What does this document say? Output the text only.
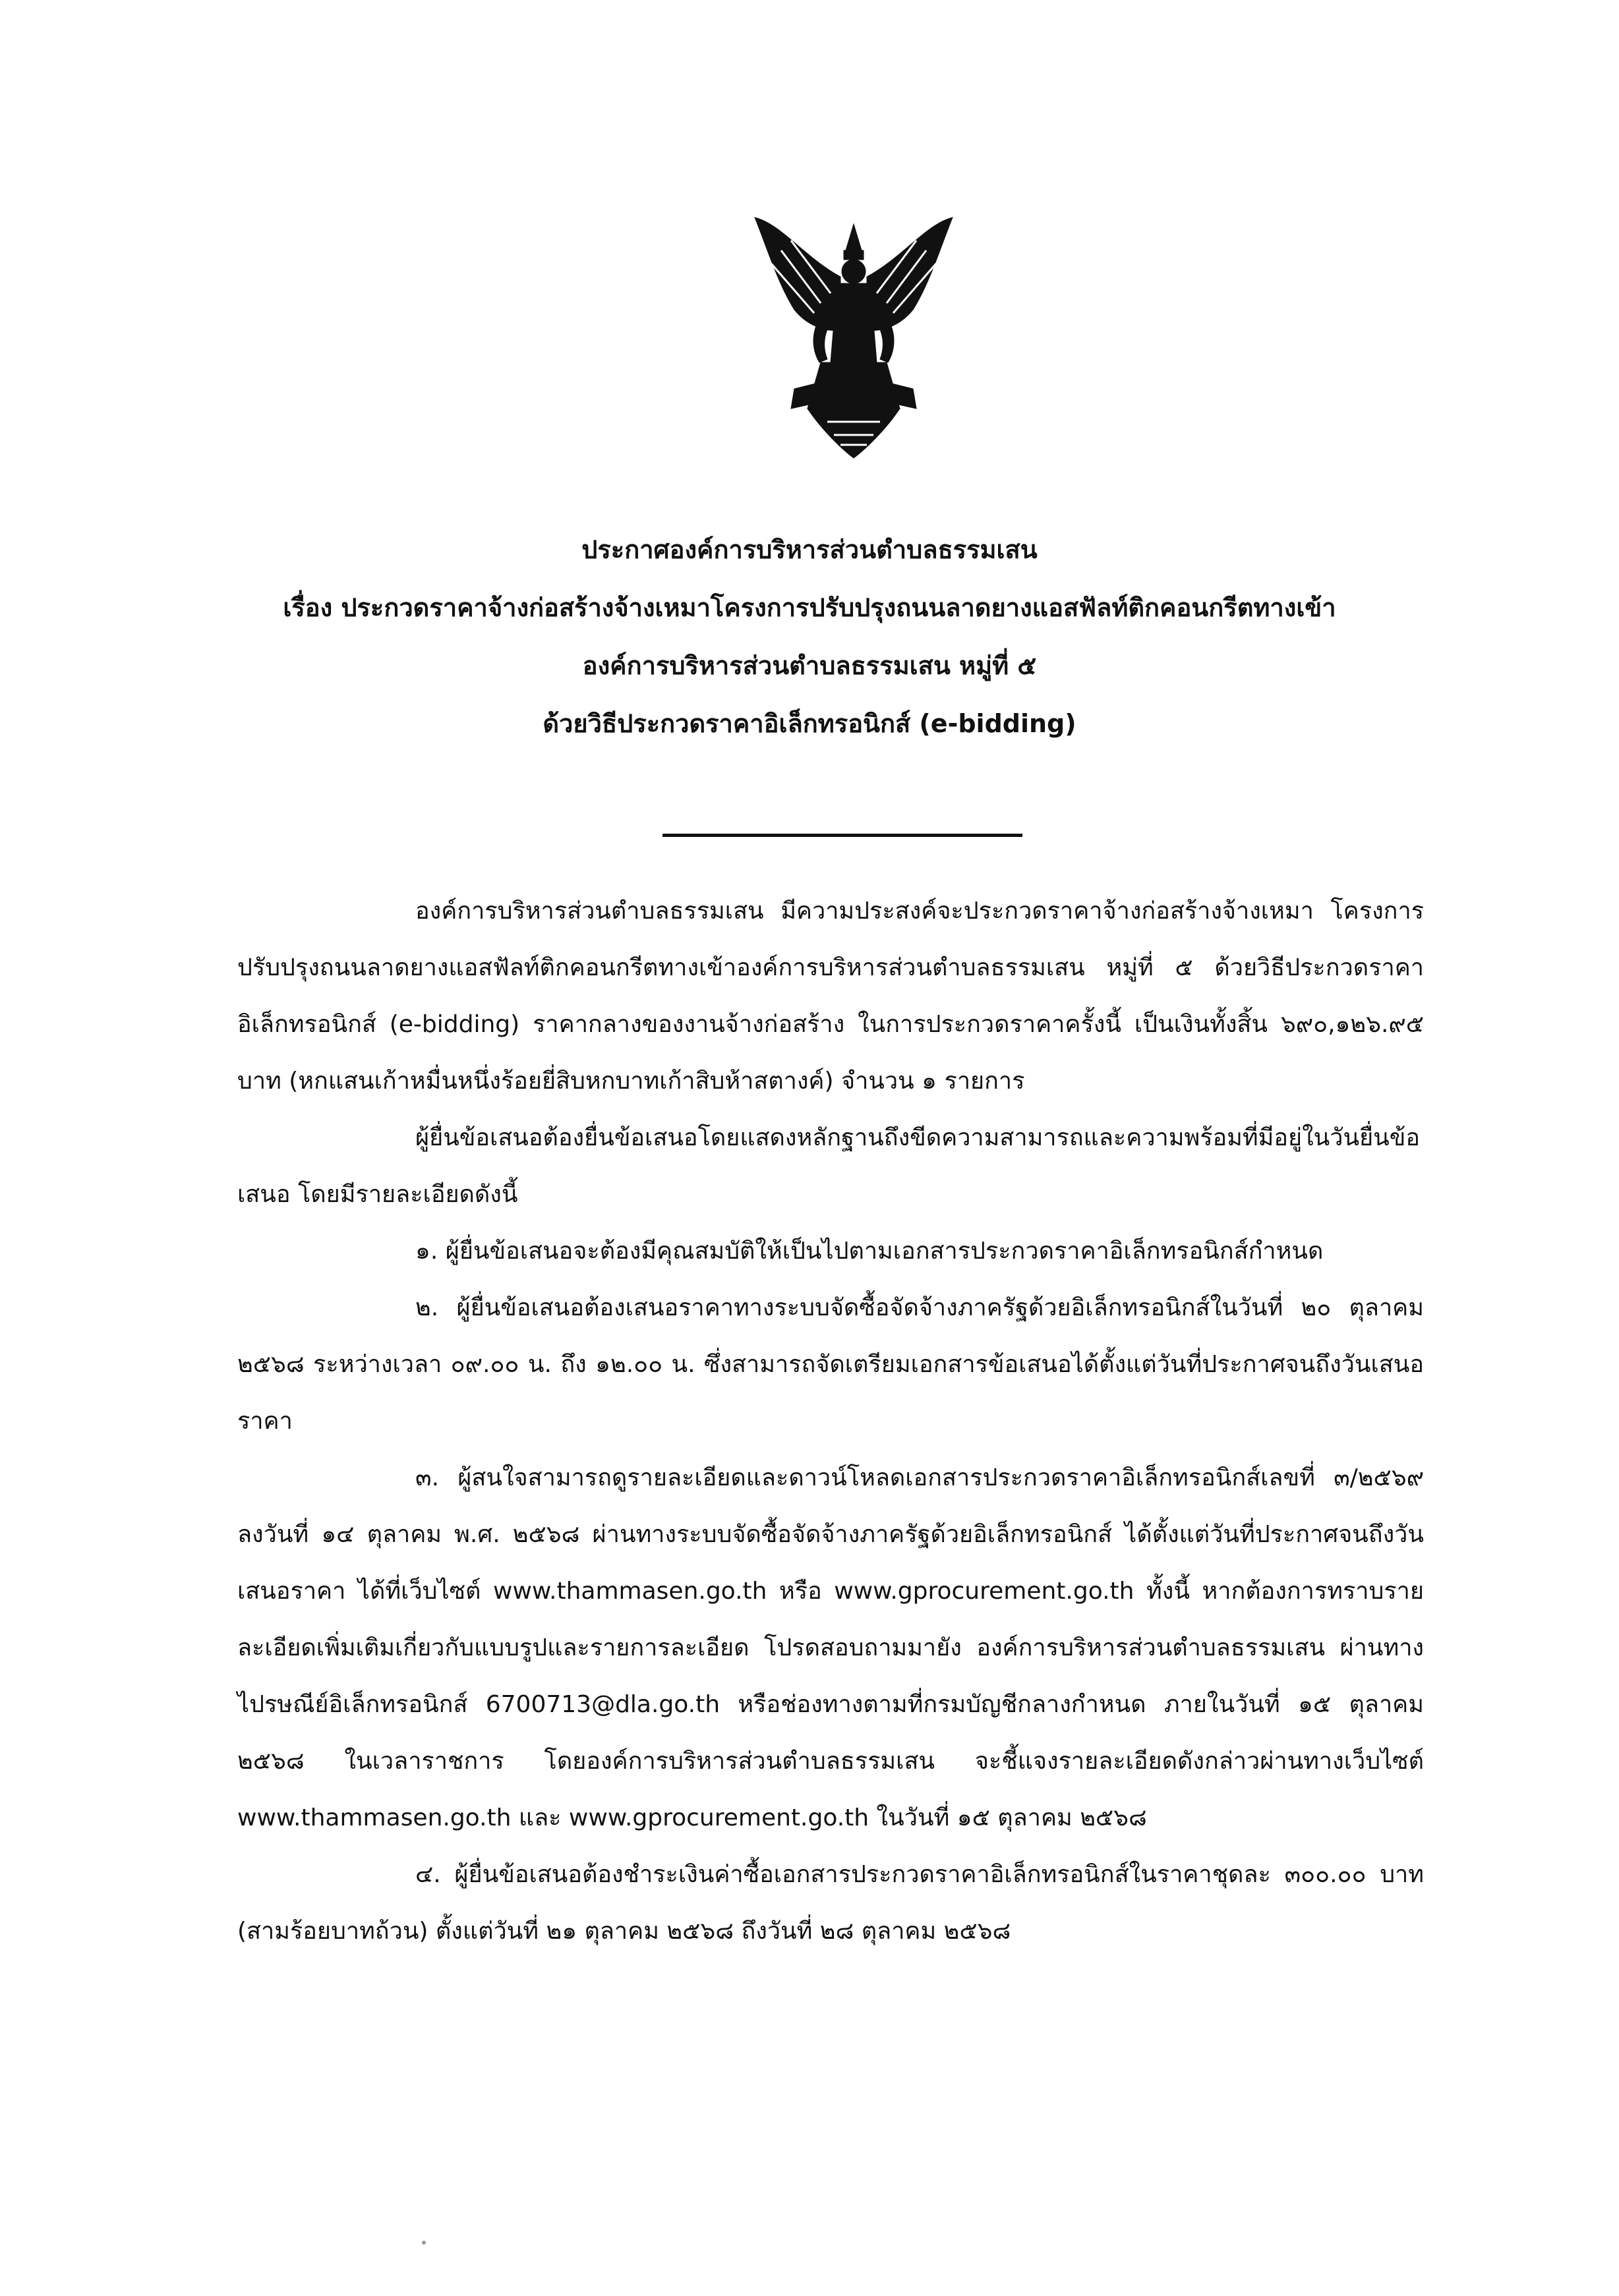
ประกาศองค์การบริหารส่วนตำบลธรรมเสน
เรื่อง ประกวดราคาจ้างก่อสร้างจ้างเหมาโครงการปรับปรุงถนนลาดยางแอสฟัลท์ติกคอนกรีตทางเข้า
องค์การบริหารส่วนตำบลธรรมเสน หมู่ที่ ๕
ด้วยวิธีประกวดราคาอิเล็กทรอนิกส์ (e-bidding)

องค์การบริหารส่วนตำบลธรรมเสน มีความประสงค์จะประกวดราคาจ้างก่อสร้างจ้างเหมา โครงการปรับปรุงถนนลาดยางแอสฟัลท์ติกคอนกรีตทางเข้าองค์การบริหารส่วนตำบลธรรมเสน หมู่ที่ ๕ ด้วยวิธีประกวดราคาอิเล็กทรอนิกส์ (e-bidding) ราคากลางของงานจ้างก่อสร้าง ในการประกวดราคาครั้งนี้ เป็นเงินทั้งสิ้น ๖๙๐,๑๒๖.๙๕ บาท (หกแสนเก้าหมื่นหนึ่งร้อยยี่สิบหกบาทเก้าสิบห้าสตางค์) จำนวน ๑ รายการ

ผู้ยื่นข้อเสนอต้องยื่นข้อเสนอโดยแสดงหลักฐานถึงขีดความสามารถและความพร้อมที่มีอยู่ในวันยื่นข้อเสนอ โดยมีรายละเอียดดังนี้

๑. ผู้ยื่นข้อเสนอจะต้องมีคุณสมบัติให้เป็นไปตามเอกสารประกวดราคาอิเล็กทรอนิกส์กำหนด

๒. ผู้ยื่นข้อเสนอต้องเสนอราคาทางระบบจัดซื้อจัดจ้างภาครัฐด้วยอิเล็กทรอนิกส์ในวันที่ ๒๐ ตุลาคม ๒๕๖๘ ระหว่างเวลา ๐๙.๐๐ น. ถึง ๑๒.๐๐ น. ซึ่งสามารถจัดเตรียมเอกสารข้อเสนอได้ตั้งแต่วันที่ประกาศจนถึงวันเสนอราคา

๓. ผู้สนใจสามารถดูรายละเอียดและดาวน์โหลดเอกสารประกวดราคาอิเล็กทรอนิกส์เลขที่ ๓/๒๕๖๙ ลงวันที่ ๑๔ ตุลาคม พ.ศ. ๒๕๖๘ ผ่านทางระบบจัดซื้อจัดจ้างภาครัฐด้วยอิเล็กทรอนิกส์ ได้ตั้งแต่วันที่ประกาศจนถึงวันเสนอราคา ได้ที่เว็บไซต์ www.thammasen.go.th หรือ www.gprocurement.go.th ทั้งนี้ หากต้องการทราบรายละเอียดเพิ่มเติมเกี่ยวกับแบบรูปและรายการละเอียด โปรดสอบถามมายัง องค์การบริหารส่วนตำบลธรรมเสน ผ่านทางไปรษณีย์อิเล็กทรอนิกส์ 6700713@dla.go.th หรือช่องทางตามที่กรมบัญชีกลางกำหนด ภายในวันที่ ๑๕ ตุลาคม ๒๕๖๘ ในเวลาราชการ โดยองค์การบริหารส่วนตำบลธรรมเสน จะชี้แจงรายละเอียดดังกล่าวผ่านทางเว็บไซต์ www.thammasen.go.th และ www.gprocurement.go.th ในวันที่ ๑๕ ตุลาคม ๒๕๖๘

๔. ผู้ยื่นข้อเสนอต้องชำระเงินค่าซื้อเอกสารประกวดราคาอิเล็กทรอนิกส์ในราคาชุดละ ๓๐๐.๐๐ บาท (สามร้อยบาทถ้วน) ตั้งแต่วันที่ ๒๑ ตุลาคม ๒๕๖๘ ถึงวันที่ ๒๘ ตุลาคม ๒๕๖๘
